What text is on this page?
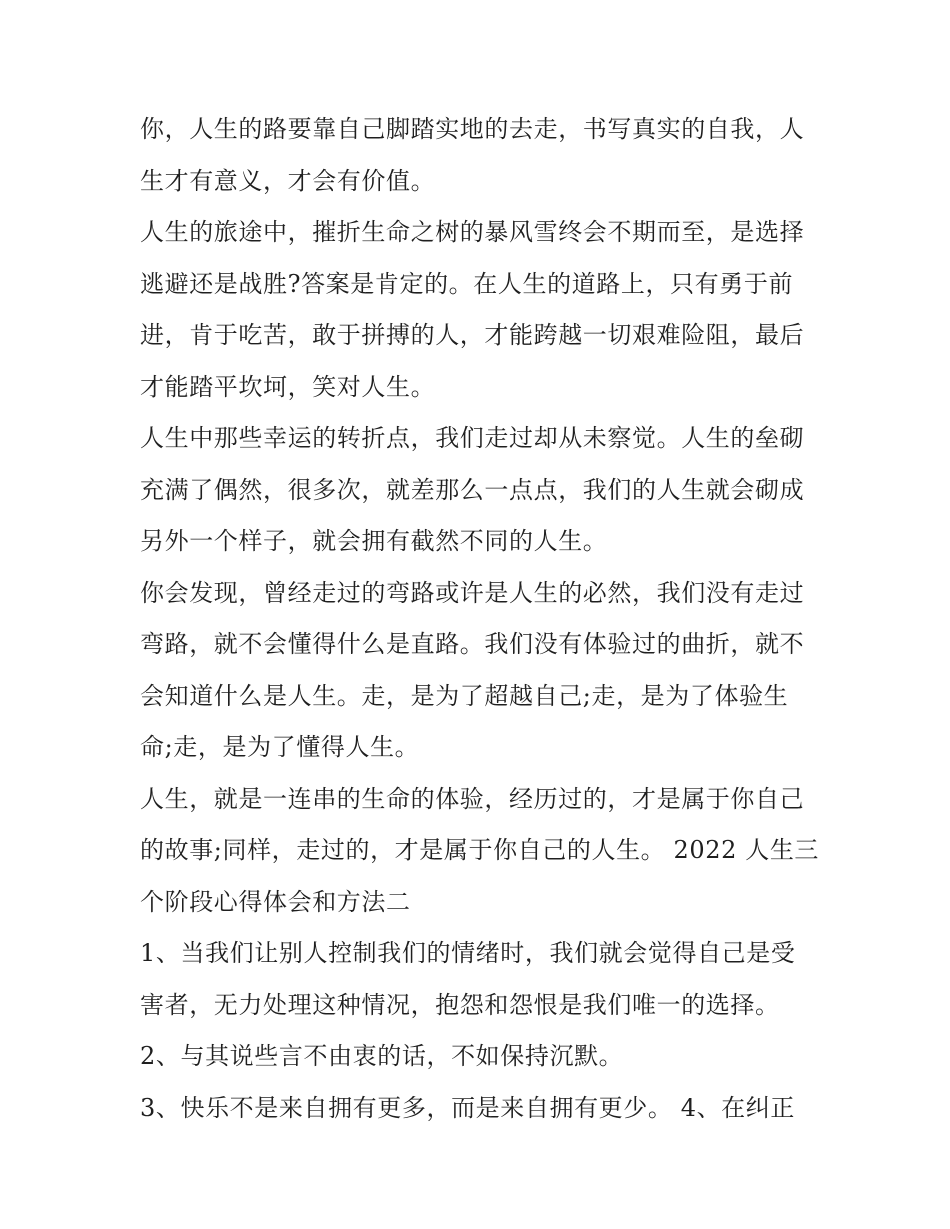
你，人生的路要靠自己脚踏实地的去走，书写真实的自我，人
生才有意义，才会有价值。
人生的旅途中，摧折生命之树的暴风雪终会不期而至，是选择
逃避还是战胜?答案是肯定的。在人生的道路上，只有勇于前
进，肯于吃苦，敢于拼搏的人，才能跨越一切艰难险阻，最后
才能踏平坎坷，笑对人生。
人生中那些幸运的转折点，我们走过却从未察觉。人生的垒砌
充满了偶然，很多次，就差那么一点点，我们的人生就会砌成
另外一个样子，就会拥有截然不同的人生。
你会发现，曾经走过的弯路或许是人生的必然，我们没有走过
弯路，就不会懂得什么是直路。我们没有体验过的曲折，就不
会知道什么是人生。走，是为了超越自己;走，是为了体验生
命;走，是为了懂得人生。
人生，就是一连串的生命的体验，经历过的，才是属于你自己
的故事;同样，走过的，才是属于你自己的人生。 2022 人生三
个阶段心得体会和方法二
1、当我们让别人控制我们的情绪时，我们就会觉得自己是受
害者，无力处理这种情况，抱怨和怨恨是我们唯一的选择。
2、与其说些言不由衷的话，不如保持沉默。
3、快乐不是来自拥有更多，而是来自拥有更少。 4、在纠正
